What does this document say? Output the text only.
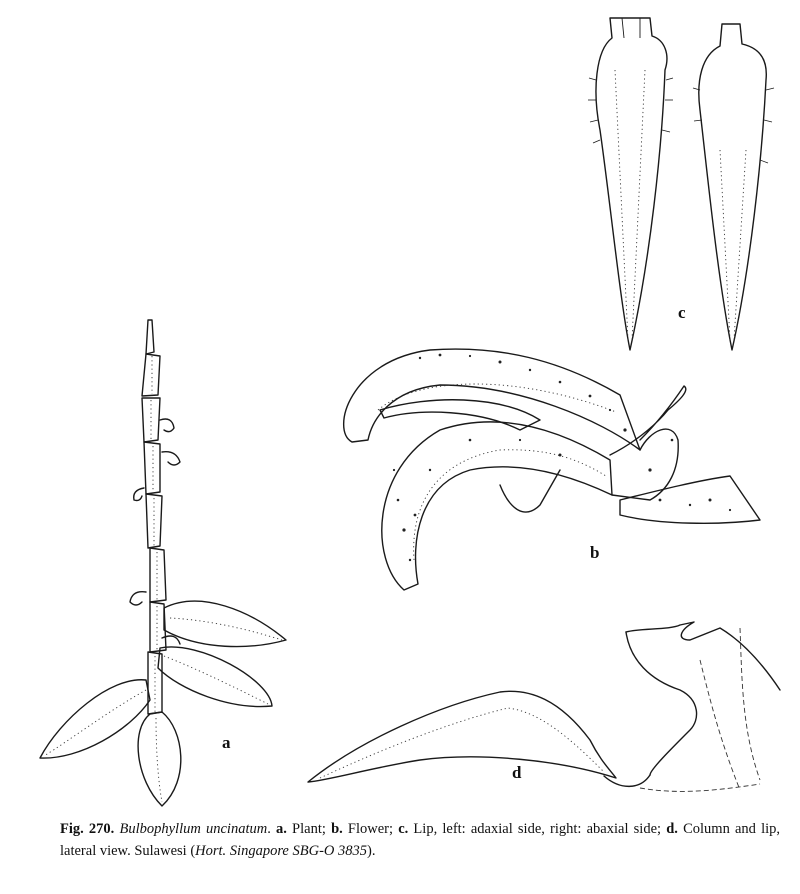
a
b
c
d
Fig. 270. Bulbophyllum uncinatum. a. Plant; b. Flower; c. Lip, left: adaxial side, right: abaxial side; d. Column and lip, lateral view. Sulawesi (Hort. Singapore SBG-O 3835).
